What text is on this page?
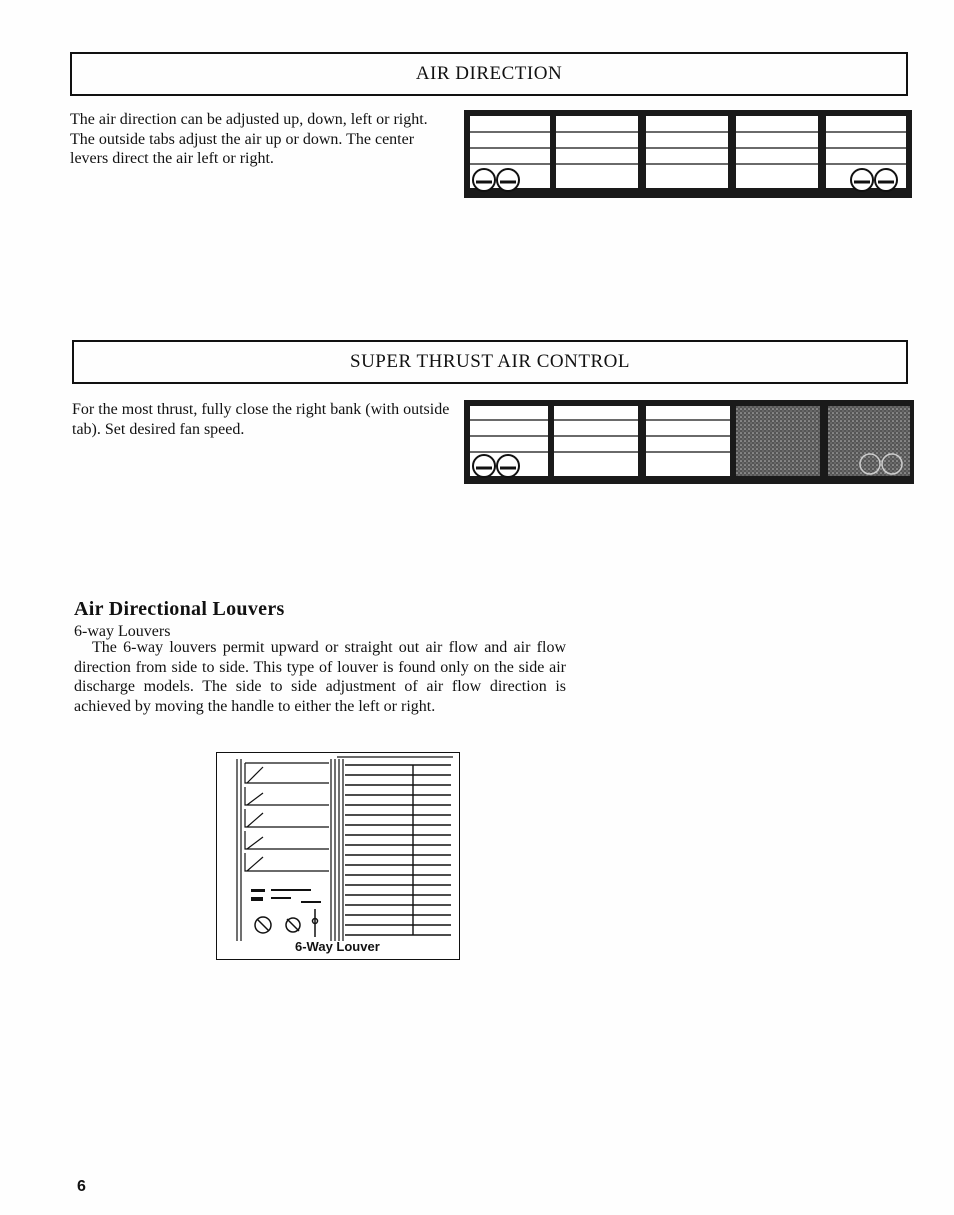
AIR DIRECTION

The air direction can be adjusted up, down, left or right. The outside tabs adjust the air up or down. The center levers direct the air left or right.

SUPER THRUST AIR CONTROL

For the most thrust, fully close the right bank (with outside tab). Set desired fan speed.

Air Directional Louvers
6-way Louvers

The 6-way louvers permit upward or straight out air flow and air flow direction from side to side. This type of louver is found only on the side air discharge models. The side to side adjustment of air flow direction is achieved by moving the handle to either the left or right.

6-Way Louver
6
